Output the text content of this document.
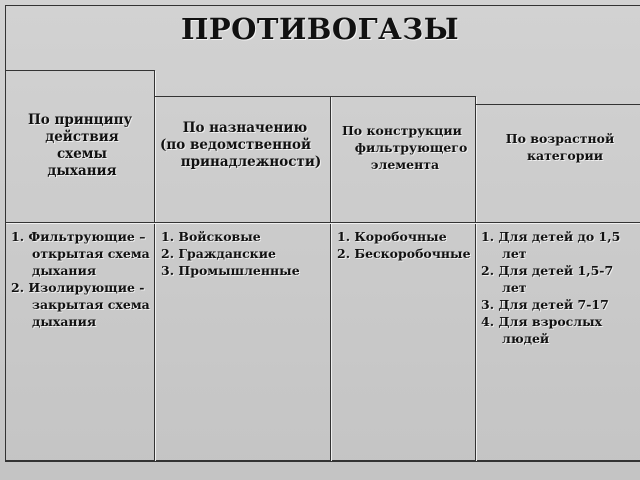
ПРОТИВОГАЗЫ
По принципу
действия
схемы
дыхания
По назначению
(по ведомственной
принадлежности)
По конструкции
фильтрующего
элемента
По возрастной
категории
1. Фильтрующие –
открытая схема
дыхания
2. Изолирующие -
закрытая схема
дыхания
1. Войсковые
2. Гражданские
3. Промышленные
1. Коробочные
2. Бескоробочные
1. Для детей до 1,5
лет
2. Для детей 1,5-7
лет
3. Для детей 7-17
4. Для взрослых
людей
